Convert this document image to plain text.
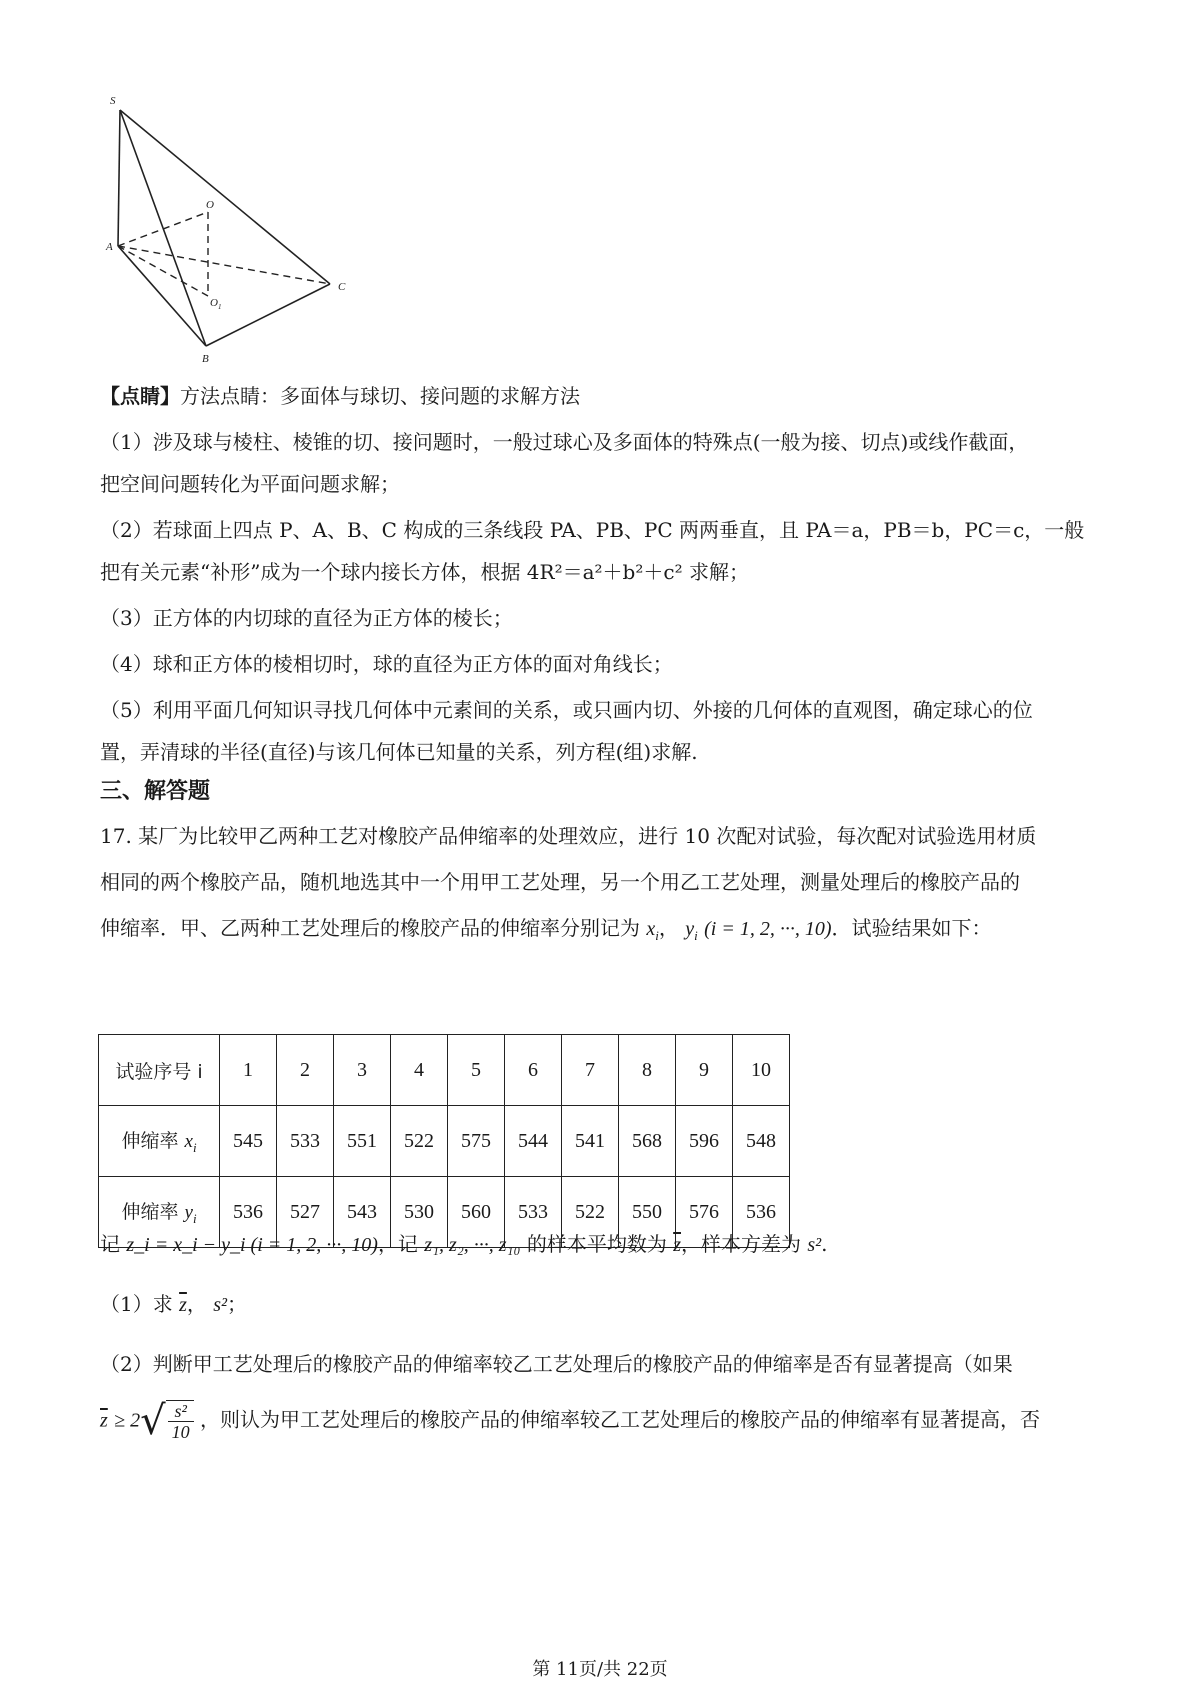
S
O
A
C
$O_1$
B
【点睛】方法点睛：多面体与球切、接问题的求解方法
（1）涉及球与棱柱、棱锥的切、接问题时，一般过球心及多面体的特殊点(一般为接、切点)或线作截面，
把空间问题转化为平面问题求解；
（2）若球面上四点 P、A、B、C 构成的三条线段 PA、PB、PC 两两垂直，且 PA＝a，PB＝b，PC＝c，一般
把有关元素“补形”成为一个球内接长方体，根据 4R²＝a²＋b²＋c² 求解；
（3）正方体的内切球的直径为正方体的棱长；
（4）球和正方体的棱相切时，球的直径为正方体的面对角线长；
（5）利用平面几何知识寻找几何体中元素间的关系，或只画内切、外接的几何体的直观图，确定球心的位
置，弄清球的半径(直径)与该几何体已知量的关系，列方程(组)求解.
三、解答题
17. 某厂为比较甲乙两种工艺对橡胶产品伸缩率的处理效应，进行 10 次配对试验，每次配对试验选用材质
相同的两个橡胶产品，随机地选其中一个用甲工艺处理，另一个用乙工艺处理，测量处理后的橡胶产品的
伸缩率．甲、乙两种工艺处理后的橡胶产品的伸缩率分别记为 $x_i$， $y_i$ (i = 1, 2, ···, 10)．试验结果如下：
试验序号 i	1	2	3	4	5	6	7	8	9	10
伸缩率 $x_i$	545	533	551	522	575	544	541	568	596	548
伸缩率 $y_i$	536	527	543	530	560	533	522	550	576	536
记 z_i = x_i − y_i (i = 1, 2, ···, 10)，记 z₁, z₂, ···, z₁₀ 的样本平均数为 $\overline{z}$，样本方差为 s².
（1）求 $\overline{z}$， s²；
（2）判断甲工艺处理后的橡胶产品的伸缩率较乙工艺处理后的橡胶产品的伸缩率是否有显著提高（如果
$\overline{z} \ge 2√ \frac{\text{s²}}{10}$ ，则认为甲工艺处理后的橡胶产品的伸缩率较乙工艺处理后的橡胶产品的伸缩率有显著提高，否
第 11页/共 22页
